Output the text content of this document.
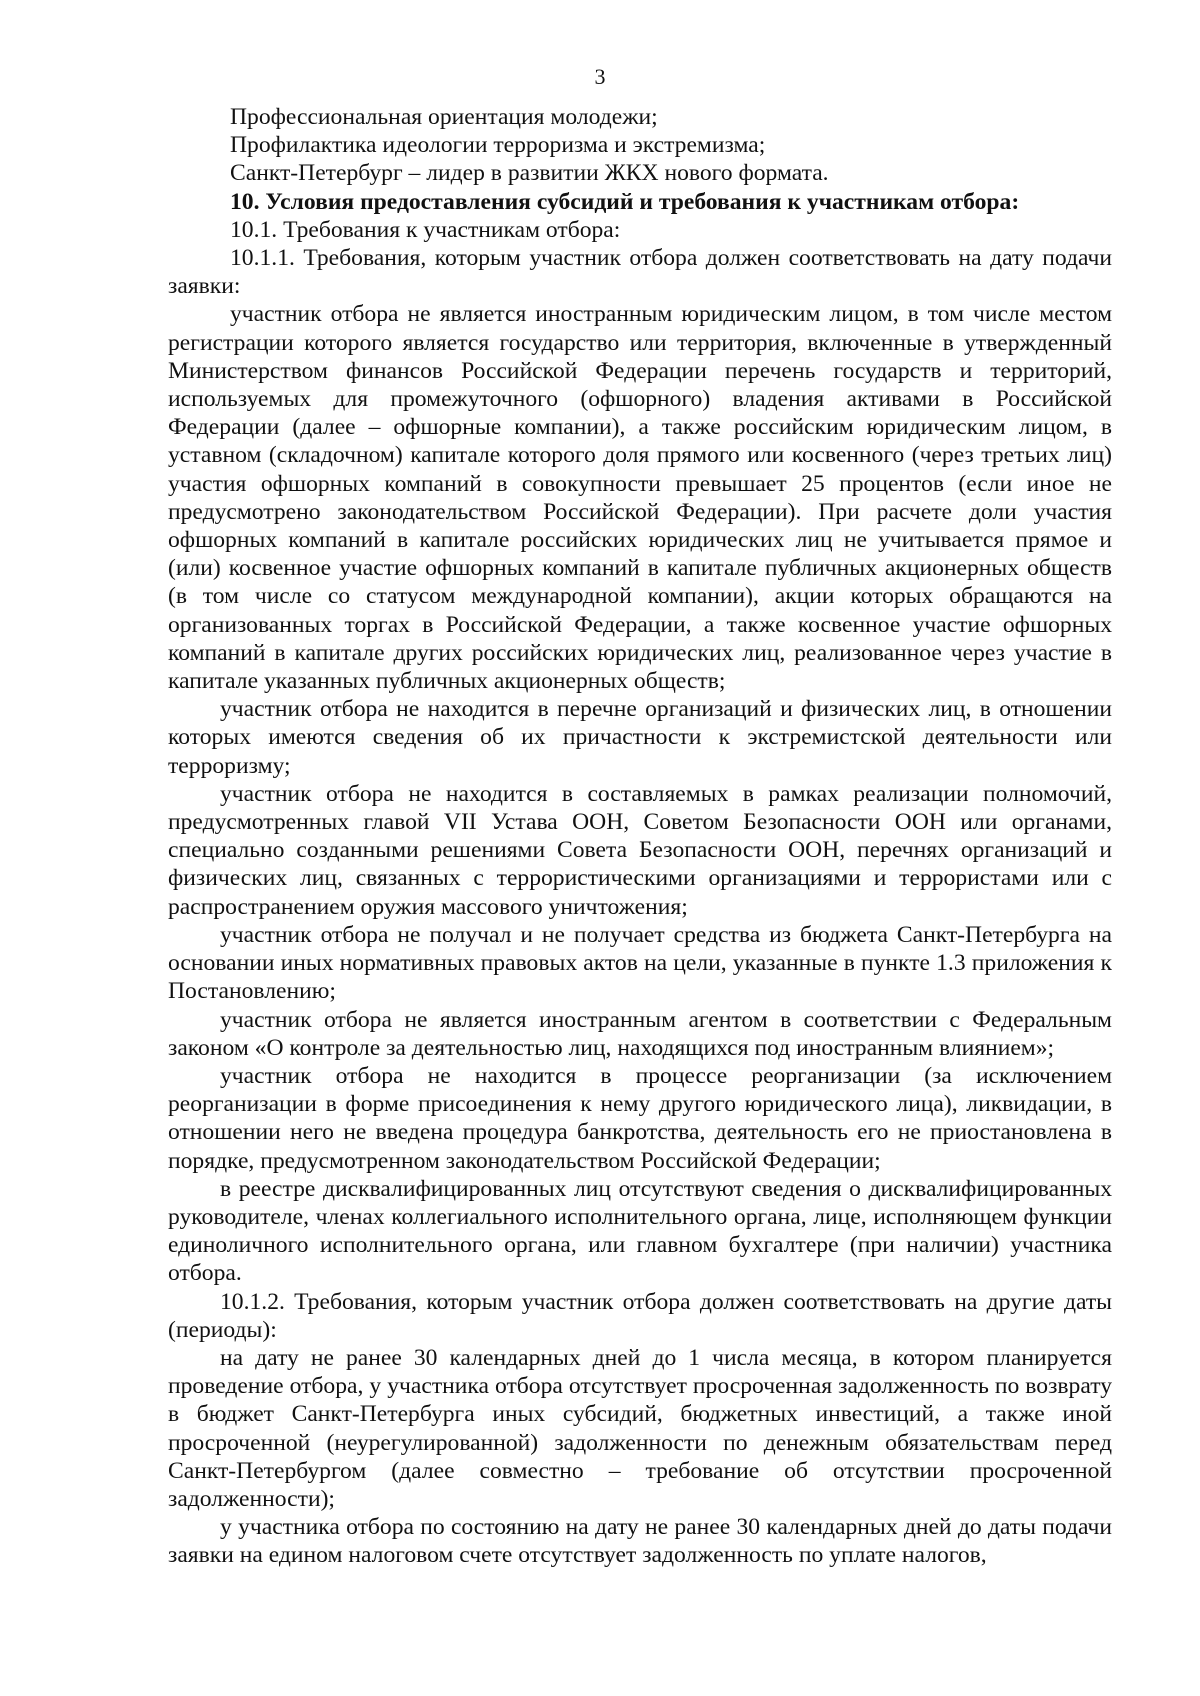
3

Профессиональная ориентация молодежи;

Профилактика идеологии терроризма и экстремизма;

Санкт-Петербург – лидер в развитии ЖКХ нового формата.

10. Условия предоставления субсидий и требования к участникам отбора:

10.1. Требования к участникам отбора:

10.1.1. Требования, которым участник отбора должен соответствовать на дату подачи заявки:

участник отбора не является иностранным юридическим лицом, в том числе местом регистрации которого является государство или территория, включенные в утвержденный Министерством финансов Российской Федерации перечень государств и территорий, используемых для промежуточного (офшорного) владения активами в Российской Федерации (далее – офшорные компании), а также российским юридическим лицом, в уставном (складочном) капитале которого доля прямого или косвенного (через третьих лиц) участия офшорных компаний в совокупности превышает 25 процентов (если иное не предусмотрено законодательством Российской Федерации). При расчете доли участия офшорных компаний в капитале российских юридических лиц не учитывается прямое и (или) косвенное участие офшорных компаний в капитале публичных акционерных обществ (в том числе со статусом международной компании), акции которых обращаются на организованных торгах в Российской Федерации, а также косвенное участие офшорных компаний в капитале других российских юридических лиц, реализованное через участие в капитале указанных публичных акционерных обществ;

участник отбора не находится в перечне организаций и физических лиц, в отношении которых имеются сведения об их причастности к экстремистской деятельности или терроризму;

участник отбора не находится в составляемых в рамках реализации полномочий, предусмотренных главой VII Устава ООН, Советом Безопасности ООН или органами, специально созданными решениями Совета Безопасности ООН, перечнях организаций и физических лиц, связанных с террористическими организациями и террористами или с распространением оружия массового уничтожения;

участник отбора не получал и не получает средства из бюджета Санкт-Петербурга на основании иных нормативных правовых актов на цели, указанные в пункте 1.3 приложения к Постановлению;

участник отбора не является иностранным агентом в соответствии с Федеральным законом «О контроле за деятельностью лиц, находящихся под иностранным влиянием»;

участник отбора не находится в процессе реорганизации (за исключением реорганизации в форме присоединения к нему другого юридического лица), ликвидации, в отношении него не введена процедура банкротства, деятельность его не приостановлена в порядке, предусмотренном законодательством Российской Федерации;

в реестре дисквалифицированных лиц отсутствуют сведения о дисквалифицированных руководителе, членах коллегиального исполнительного органа, лице, исполняющем функции единоличного исполнительного органа, или главном бухгалтере (при наличии) участника отбора.

10.1.2. Требования, которым участник отбора должен соответствовать на другие даты (периоды):

на дату не ранее 30 календарных дней до 1 числа месяца, в котором планируется проведение отбора, у участника отбора отсутствует просроченная задолженность по возврату в бюджет Санкт-Петербурга иных субсидий, бюджетных инвестиций, а также иной просроченной (неурегулированной) задолженности по денежным обязательствам перед Санкт-Петербургом (далее совместно – требование об отсутствии просроченной задолженности);

у участника отбора по состоянию на дату не ранее 30 календарных дней до даты подачи заявки на едином налоговом счете отсутствует задолженность по уплате налогов,
